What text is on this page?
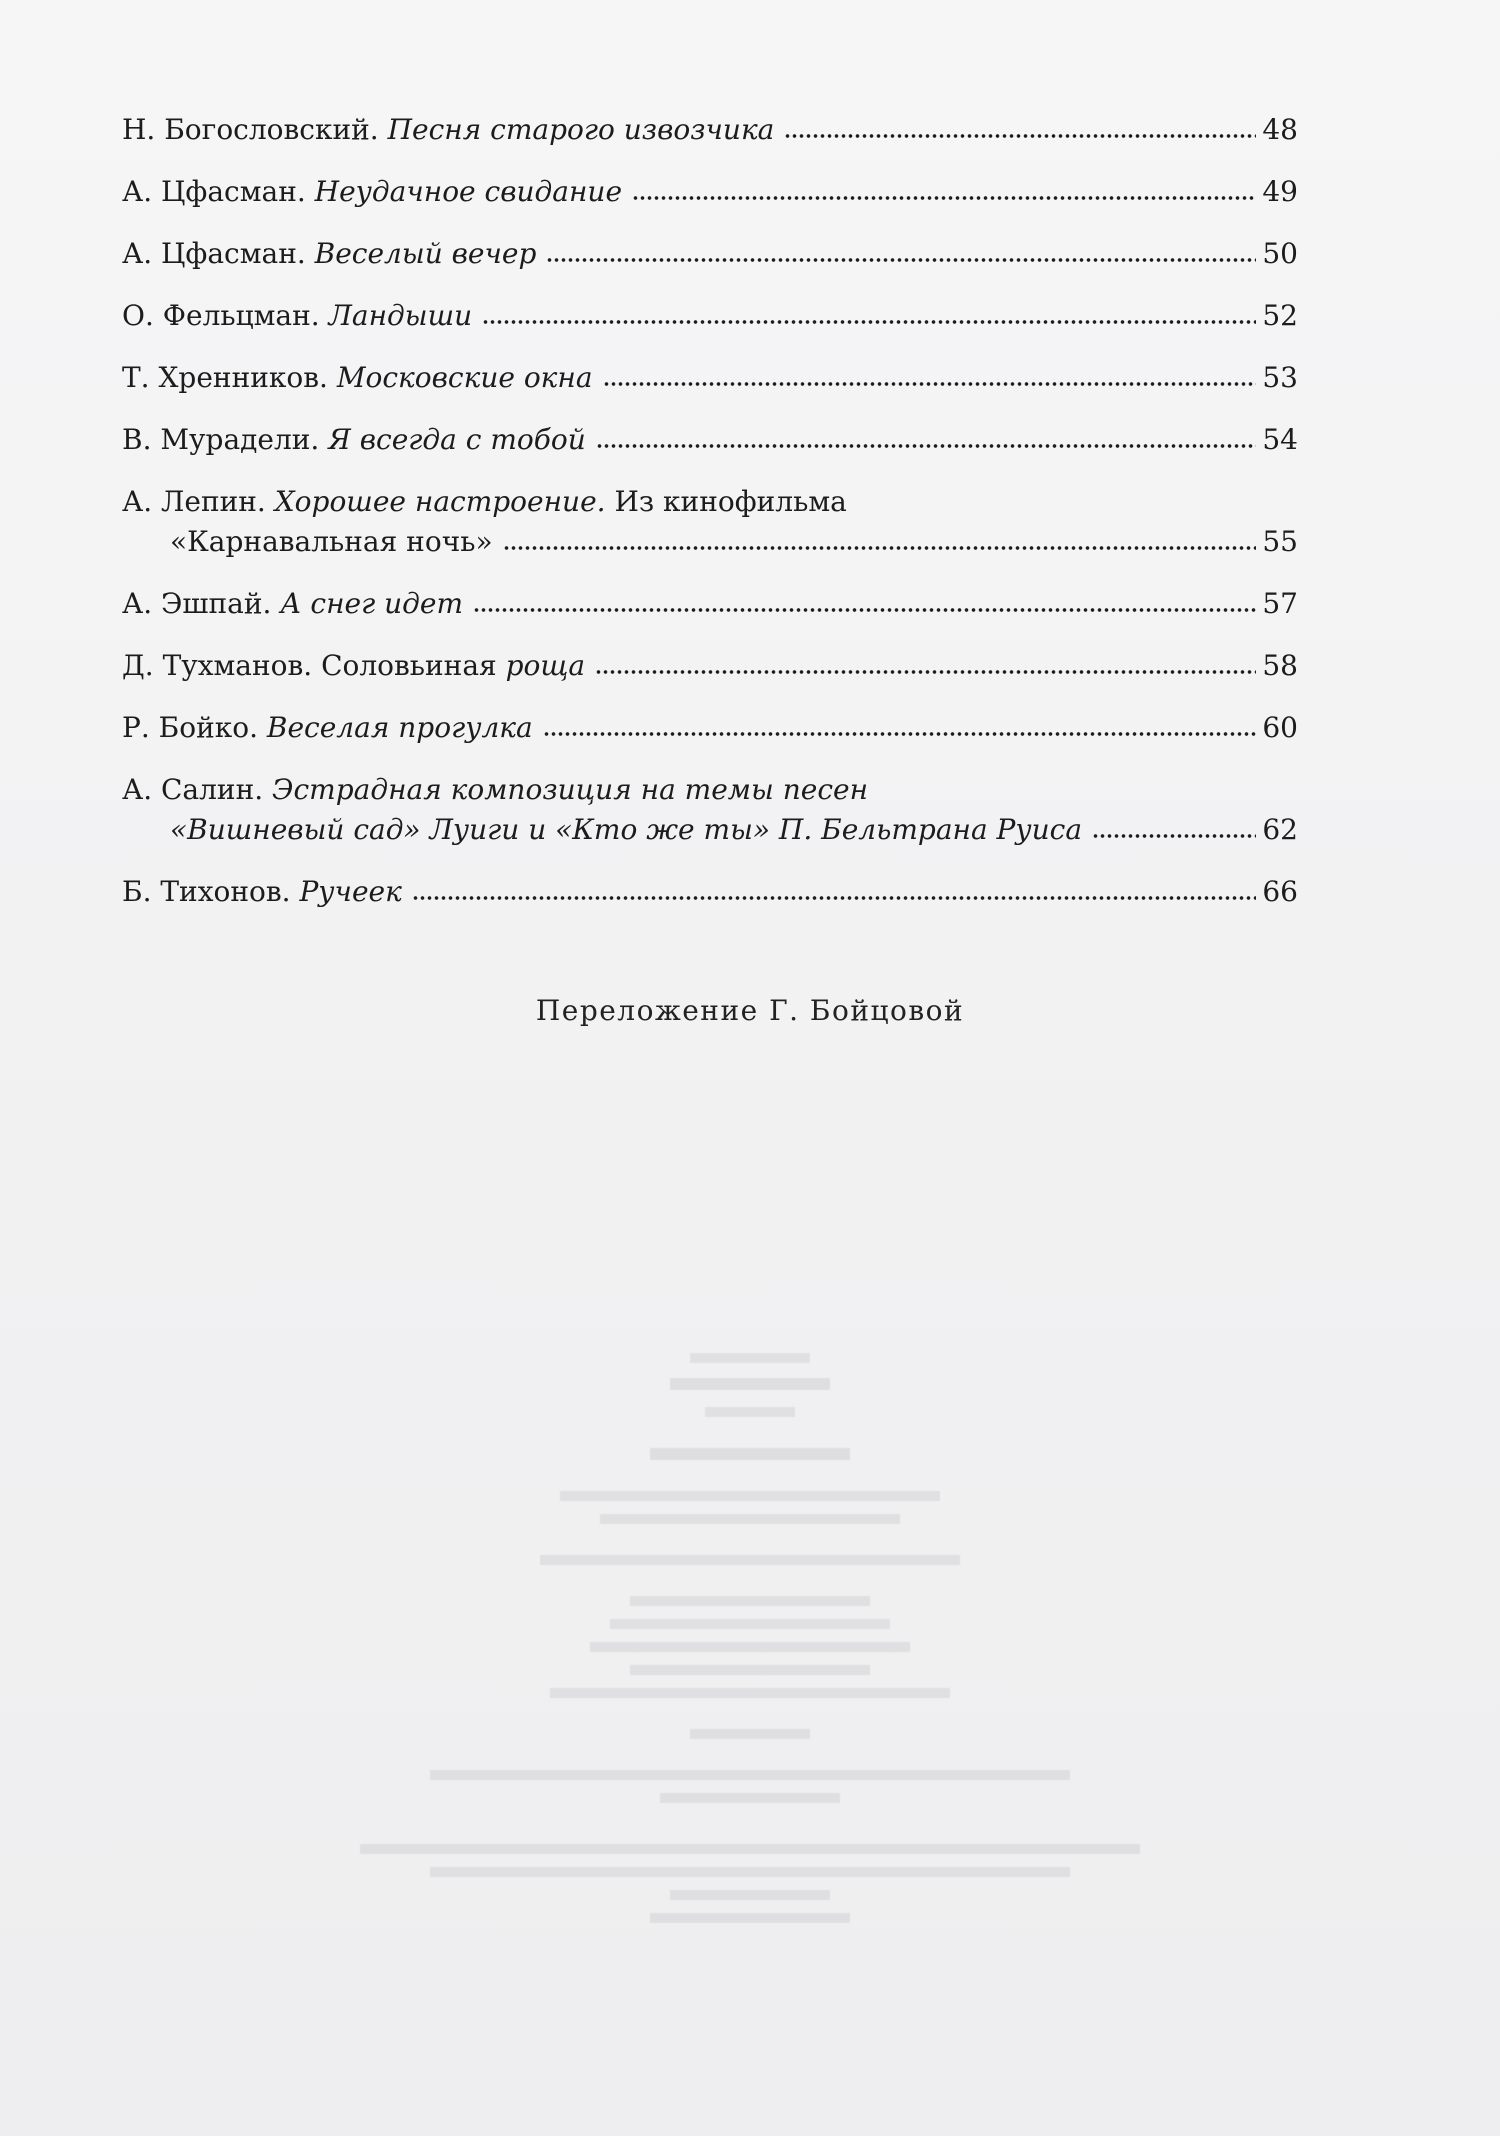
Н. Богословский. Песня старого извозчика	48
А. Цфасман. Неудачное свидание	49
А. Цфасман. Веселый вечер	50
О. Фельцман. Ландыши	52
Т. Хренников. Московские окна	53
В. Мурадели. Я всегда с тобой	54
А. Лепин. Хорошее настроение. Из кинофильма
«Карнавальная ночь»	55
А. Эшпай. А снег идет	57
Д. Тухманов. Соловьиная роща	58
Р. Бойко. Веселая прогулка	60
А. Салин. Эстрадная композиция на темы песен
«Вишневый сад» Луиги и «Кто же ты» П. Бельтрана Руиса	62
Б. Тихонов. Ручеек	66
Переложение Г. Бойцовой
